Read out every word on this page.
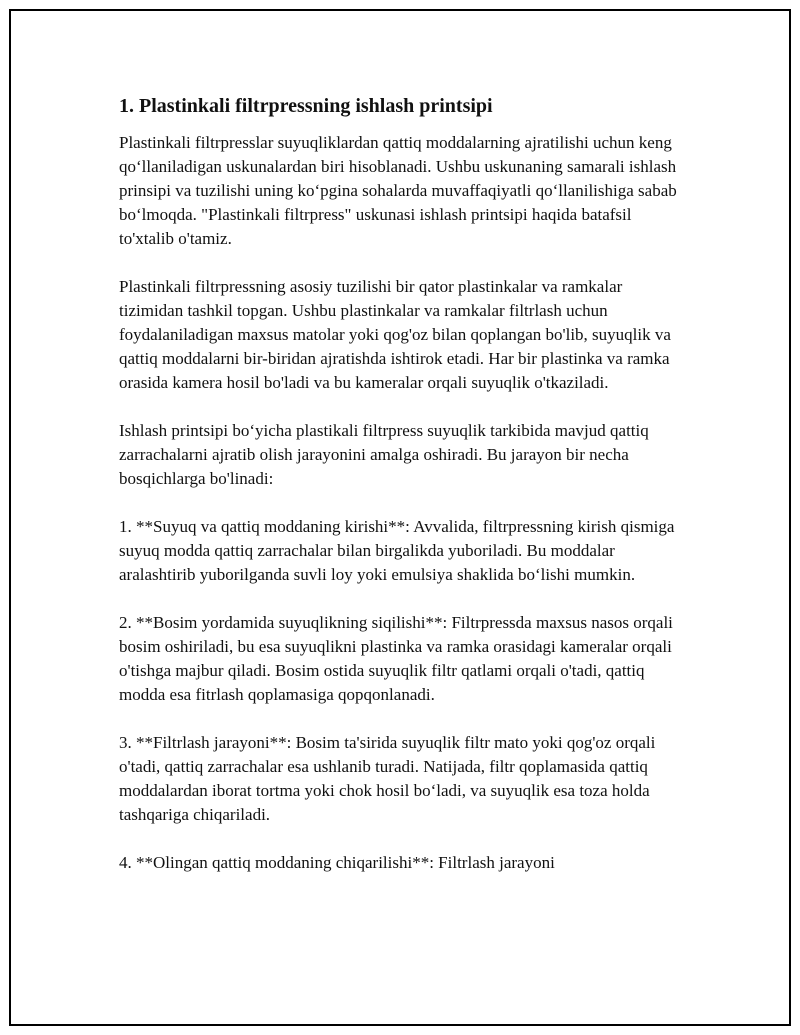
1. Plastinkali filtrpressning ishlash printsipi

Plastinkali filtrpresslar suyuqliklardan qattiq moddalarning ajratilishi uchun keng qo‘llaniladigan uskunalardan biri hisoblanadi. Ushbu uskunaning samarali ishlash prinsipi va tuzilishi uning ko‘pgina sohalarda muvaffaqiyatli qo‘llanilishiga sabab bo‘lmoqda. "Plastinkali filtrpress" uskunasi ishlash printsipi haqida batafsil to'xtalib o'tamiz.

Plastinkali filtrpressning asosiy tuzilishi bir qator plastinkalar va ramkalar tizimidan tashkil topgan. Ushbu plastinkalar va ramkalar filtrlash uchun foydalaniladigan maxsus matolar yoki qog'oz bilan qoplangan bo'lib, suyuqlik va qattiq moddalarni bir-biridan ajratishda ishtirok etadi. Har bir plastinka va ramka orasida kamera hosil bo'ladi va bu kameralar orqali suyuqlik o'tkaziladi.

Ishlash printsipi bo‘yicha plastikali filtrpress suyuqlik tarkibida mavjud qattiq zarrachalarni ajratib olish jarayonini amalga oshiradi. Bu jarayon bir necha bosqichlarga bo'linadi:

1. **Suyuq va qattiq moddaning kirishi**: Avvalida, filtrpressning kirish qismiga suyuq modda qattiq zarrachalar bilan birgalikda yuboriladi. Bu moddalar aralashtirib yuborilganda suvli loy yoki emulsiya shaklida bo‘lishi mumkin.

2. **Bosim yordamida suyuqlikning siqilishi**: Filtrpressda maxsus nasos orqali bosim oshiriladi, bu esa suyuqlikni plastinka va ramka orasidagi kameralar orqali o'tishga majbur qiladi. Bosim ostida suyuqlik filtr qatlami orqali o'tadi, qattiq modda esa fitrlash qoplamasiga qopqonlanadi.

3. **Filtrlash jarayoni**: Bosim ta'sirida suyuqlik filtr mato yoki qog'oz orqali o'tadi, qattiq zarrachalar esa ushlanib turadi. Natijada, filtr qoplamasida qattiq moddalardan iborat tortma yoki chok hosil bo‘ladi, va suyuqlik esa toza holda tashqariga chiqariladi.

4. **Olingan qattiq moddaning chiqarilishi**: Filtrlash jarayoni
